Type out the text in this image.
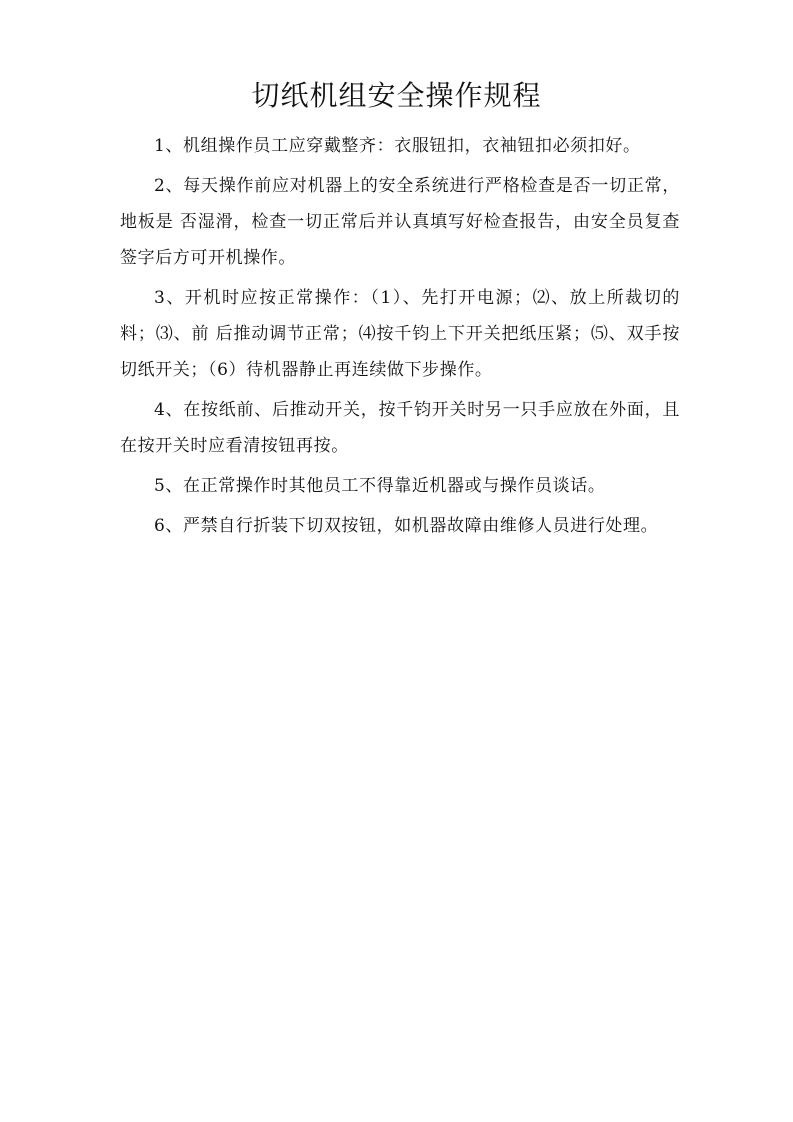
切纸机组安全操作规程

1、机组操作员工应穿戴整齐：衣服钮扣，衣袖钮扣必须扣好。

2、每天操作前应对机器上的安全系统进行严格检查是否一切正常，地板是 否湿滑，检查一切正常后并认真填写好检查报告，由安全员复查签字后方可开机操作。

3、开机时应按正常操作：（1）、先打开电源；⑵、放上所裁切的料；⑶、前 后推动调节正常；⑷按千钧上下开关把纸压紧；⑸、双手按切纸开关；（6）待机器静止再连续做下步操作。

4、在按纸前、后推动开关，按千钧开关时另一只手应放在外面，且在按开关时应看清按钮再按。

5、在正常操作时其他员工不得靠近机器或与操作员谈话。

6、严禁自行折装下切双按钮，如机器故障由维修人员进行处理。
